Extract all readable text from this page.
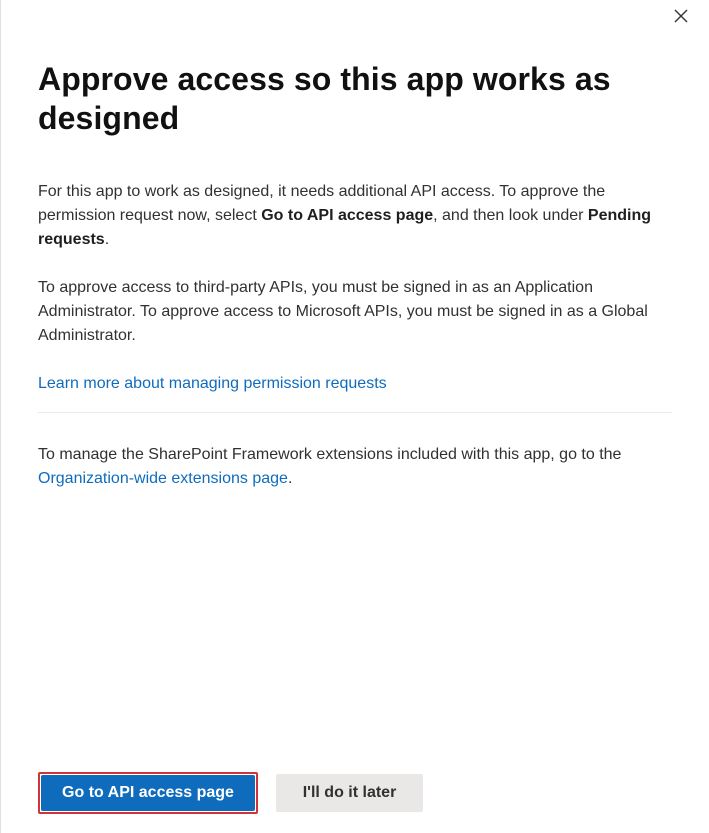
Approve access so this app works as designed

For this app to work as designed, it needs additional API access. To approve the permission request now, select Go to API access page, and then look under Pending requests.

To approve access to third-party APIs, you must be signed in as an Application Administrator. To approve access to Microsoft APIs, you must be signed in as a Global Administrator.

Learn more about managing permission requests

To manage the SharePoint Framework extensions included with this app, go to the Organization-wide extensions page.

Go to API access page	I'll do it later
